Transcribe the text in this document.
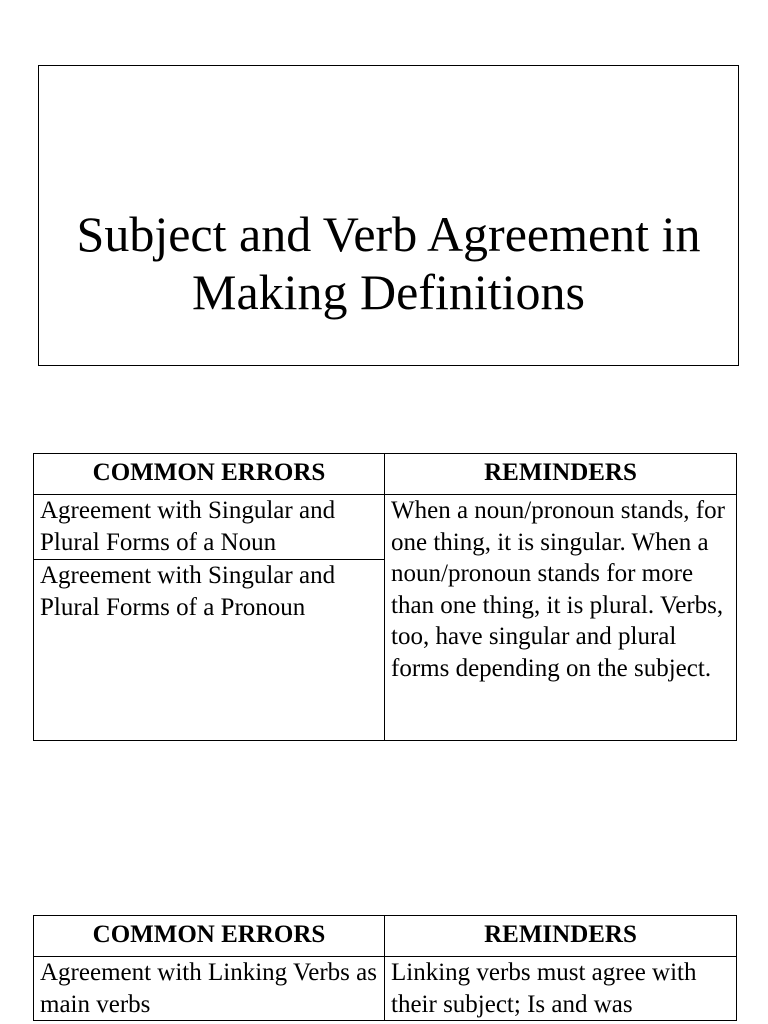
Subject and Verb Agreement in
Making Definitions
COMMON ERRORS	REMINDERS
Agreement with Singular and Plural Forms of a Noun	When a noun/pronoun stands, for one thing, it is singular. When a noun/pronoun stands for more than one thing, it is plural. Verbs, too, have singular and plural forms depending on the subject.
Agreement with Singular and Plural Forms of a Pronoun	
COMMON ERRORS	REMINDERS
Agreement with Linking Verbs as main verbs	Linking verbs must agree with their subject; Is and was
